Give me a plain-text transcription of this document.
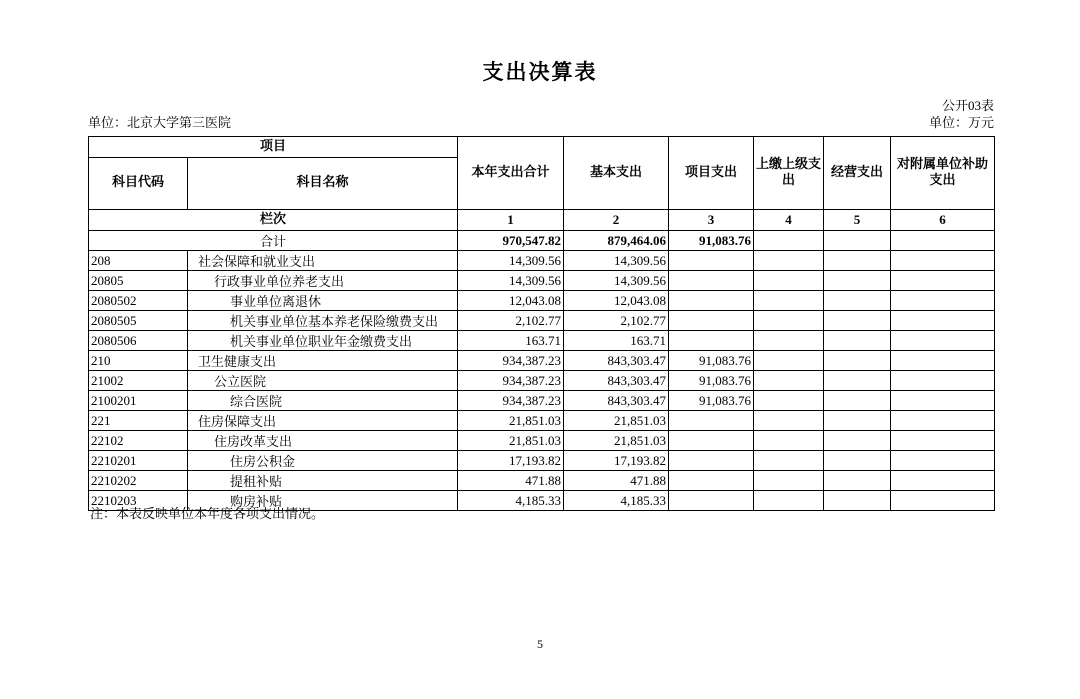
支出决算表
公开03表
单位：北京大学第三医院	单位：万元
项目		本年支出合计	基本支出	项目支出	上缴上级支出	经营支出	对附属单位补助支出
科目代码	科目名称						
栏次		1	2	3	4	5	6
合计		970,547.82	879,464.06	91,083.76			
208	社会保障和就业支出	14,309.56	14,309.56				
20805	行政事业单位养老支出	14,309.56	14,309.56				
2080502	事业单位离退休	12,043.08	12,043.08				
2080505	机关事业单位基本养老保险缴费支出	2,102.77	2,102.77				
2080506	机关事业单位职业年金缴费支出	163.71	163.71				
210	卫生健康支出	934,387.23	843,303.47	91,083.76			
21002	公立医院	934,387.23	843,303.47	91,083.76			
2100201	综合医院	934,387.23	843,303.47	91,083.76			
221	住房保障支出	21,851.03	21,851.03				
22102	住房改革支出	21,851.03	21,851.03				
2210201	住房公积金	17,193.82	17,193.82				
2210202	提租补贴	471.88	471.88				
2210203	购房补贴	4,185.33	4,185.33				
注：本表反映单位本年度各项支出情况。
5
